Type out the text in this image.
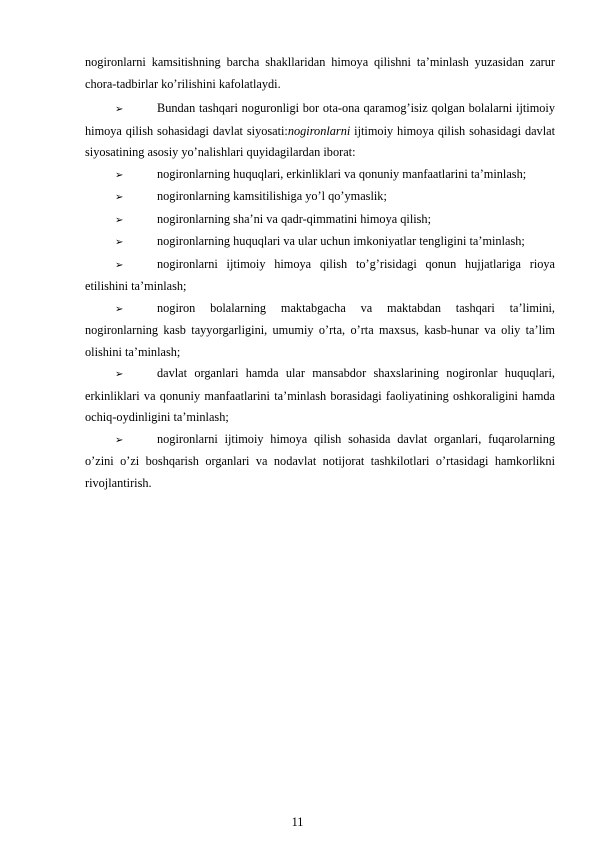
nogironlarni kamsitishning barcha shakllaridan himoya qilishni ta’minlash yuzasidan zarur chora-tadbirlar ko’rilishini kafolatlaydi.

➢	Bundan tashqari noguronligi bor ota-ona qaramog’isiz qolgan bolalarni ijtimoiy himoya qilish sohasidagi davlat siyosati:nogironlarni ijtimoiy himoya qilish sohasidagi davlat siyosatining asosiy yo’nalishlari quyidagilardan iborat:

➢	nogironlarning huquqlari, erkinliklari va qonuniy manfaatlarini ta’minlash;

➢	nogironlarning kamsitilishiga yo’l qo’ymaslik;

➢	nogironlarning sha’ni va qadr-qimmatini himoya qilish;

➢	nogironlarning huquqlari va ular uchun imkoniyatlar tengligini ta’minlash;

➢	nogironlarni ijtimoiy himoya qilish to’g’risidagi qonun hujjatlariga rioya etilishini ta’minlash;

➢	nogiron bolalarning maktabgacha va maktabdan tashqari ta’limini, nogironlarning kasb tayyorgarligini, umumiy o’rta, o’rta maxsus, kasb-hunar va oliy ta’lim olishini ta’minlash;

➢	davlat organlari hamda ular mansabdor shaxslarining nogironlar huquqlari, erkinliklari va qonuniy manfaatlarini ta’minlash borasidagi faoliyatining oshkoraligini hamda ochiq-oydinligini ta’minlash;

➢	nogironlarni ijtimoiy himoya qilish sohasida davlat organlari, fuqarolarning o’zini o’zi boshqarish organlari va nodavlat notijorat tashkilotlari o’rtasidagi hamkorlikni rivojlantirish.

11
